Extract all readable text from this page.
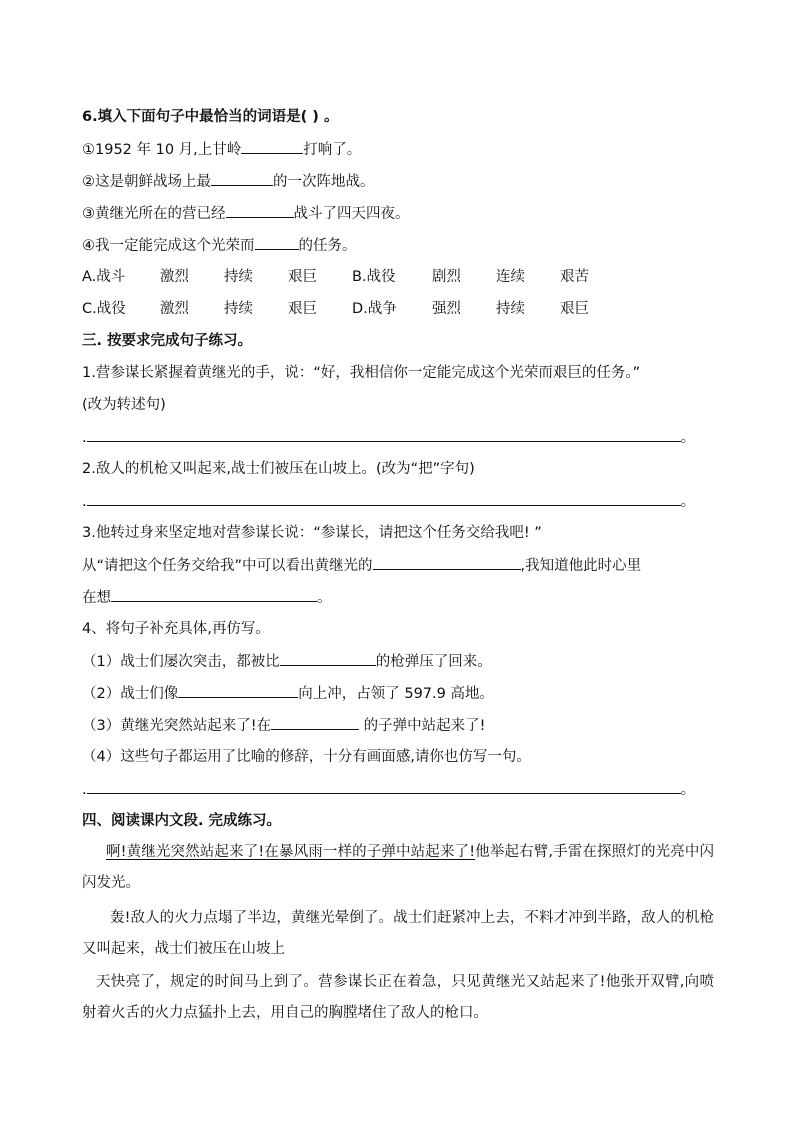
6.填入下面句子中最恰当的词语是( ) 。
①1952 年 10 月,上甘岭	打响了。
②这是朝鲜战场上最	的一次阵地战。
③黄继光所在的营已经	战斗了四天四夜。
④我一定能完成这个光荣而	的任务。
A.战斗 激烈 持续 艰巨 B.战役	剧烈 连续 艰苦
C.战役 激烈 持续 艰巨 D.战争 强烈 持续 艰巨
三. 按要求完成句子练习。
1.营参谋长紧握着黄继光的手，说：“好，我相信你一定能完成这个光荣而艰巨的任务。”
(改为转述句)
.	。
2.敌人的机枪又叫起来,战士们被压在山坡上。(改为“把”字句)
.	。
3.他转过身来坚定地对营参谋长说：“参谋长，请把这个任务交给我吧! ”
从“请把这个任务交给我”中可以看出黄继光的	,我知道他此时心里
在想	。
4、将句子补充具体,再仿写。
（1）战士们屡次突击，都被比	的枪弹压了回来。
（2）战士们像	向上冲，占领了 597.9 高地。
（3）黄继光突然站起来了!在	的子弹中站起来了!
（4）这些句子都运用了比喻的修辞，十分有画面感,请你也仿写一句。
.	。
四、阅读课内文段. 完成练习。
啊!黄继光突然站起来了!在暴风雨一样的子弹中站起来了!他举起右臂,手雷在探照灯的光亮中闪闪发光。
轰!敌人的火力点塌了半边，黄继光晕倒了。战士们赶紧冲上去，不料才冲到半路，敌人的机枪又叫起来，战士们被压在山坡上
天快亮了，规定的时间马上到了。营参谋长正在着急，只见黄继光又站起来了!他张开双臂,向喷射着火舌的火力点猛扑上去，用自己的胸膛堵住了敌人的枪口。
